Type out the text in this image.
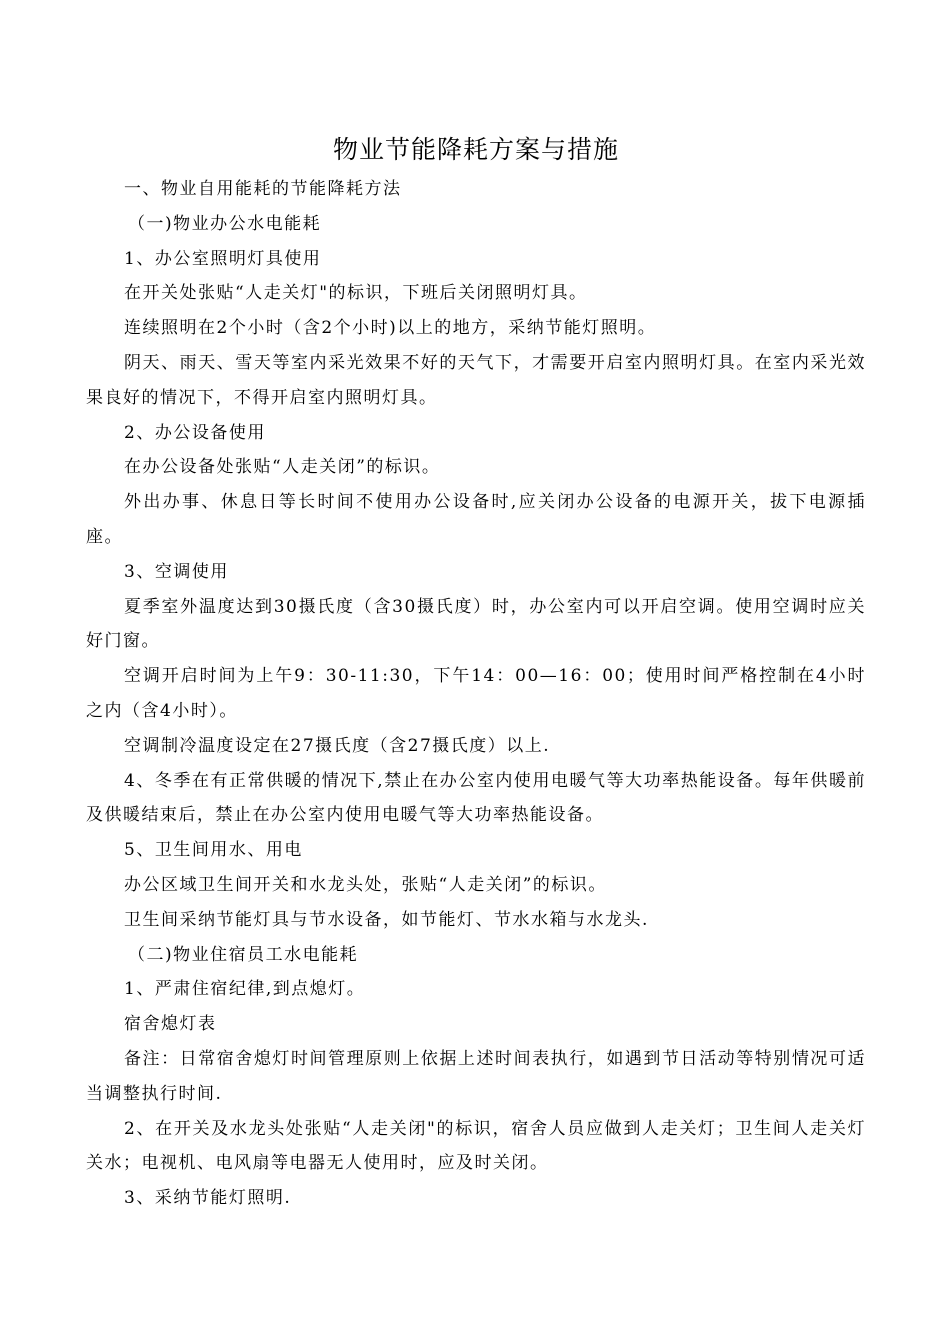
物业节能降耗方案与措施

一、物业自用能耗的节能降耗方法

（一)物业办公水电能耗

1、办公室照明灯具使用

在开关处张贴“人走关灯"的标识，下班后关闭照明灯具。

连续照明在2个小时（含2个小时)以上的地方，采纳节能灯照明。

阴天、雨天、雪天等室内采光效果不好的天气下，才需要开启室内照明灯具。在室内采光效果良好的情况下，不得开启室内照明灯具。

2、办公设备使用

在办公设备处张贴“人走关闭”的标识。

外出办事、休息日等长时间不使用办公设备时,应关闭办公设备的电源开关，拔下电源插座。

3、空调使用

夏季室外温度达到30摄氏度（含30摄氏度）时，办公室内可以开启空调。使用空调时应关好门窗。

空调开启时间为上午9：30-11:30，下午14：00—16：00；使用时间严格控制在4小时之内（含4小时）。

空调制冷温度设定在27摄氏度（含27摄氏度）以上.

4、冬季在有正常供暖的情况下,禁止在办公室内使用电暖气等大功率热能设备。每年供暖前及供暖结束后，禁止在办公室内使用电暖气等大功率热能设备。

5、卫生间用水、用电

办公区域卫生间开关和水龙头处，张贴“人走关闭”的标识。

卫生间采纳节能灯具与节水设备，如节能灯、节水水箱与水龙头.

（二)物业住宿员工水电能耗

1、严肃住宿纪律,到点熄灯。

宿舍熄灯表

备注：日常宿舍熄灯时间管理原则上依据上述时间表执行，如遇到节日活动等特别情况可适当调整执行时间.

2、在开关及水龙头处张贴“人走关闭"的标识，宿舍人员应做到人走关灯；卫生间人走关灯关水；电视机、电风扇等电器无人使用时，应及时关闭。

3、采纳节能灯照明.
